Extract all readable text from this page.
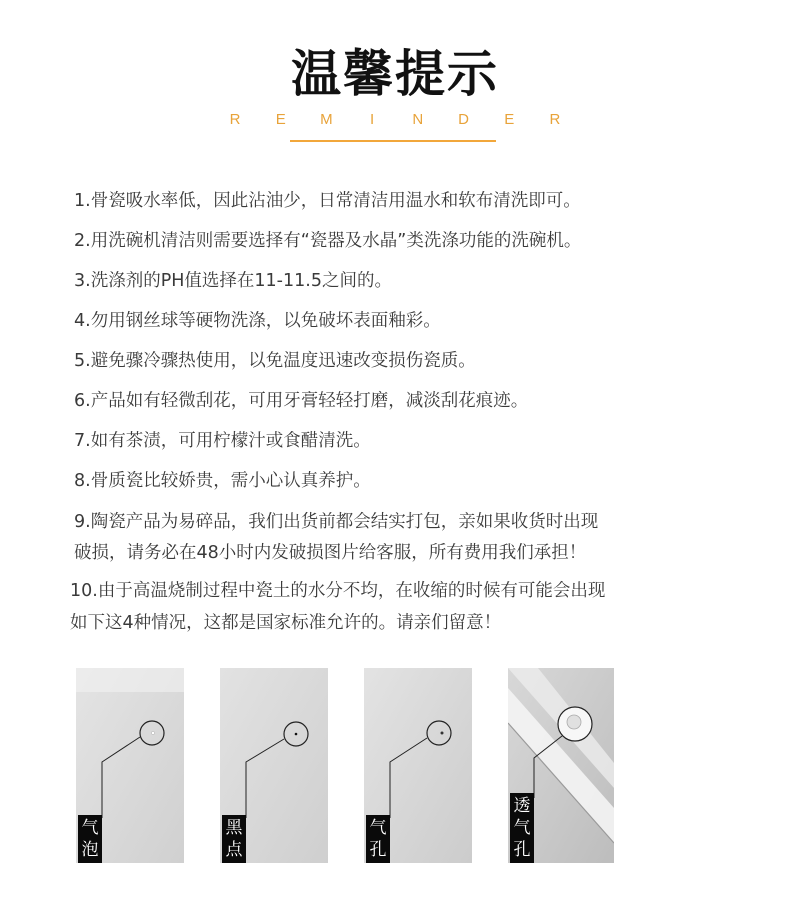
温馨提示
R E M	I	N D E R
1.骨瓷吸水率低，因此沾油少，日常清洁用温水和软布清洗即可。
2.用洗碗机清洁则需要选择有“瓷器及水晶”类洗涤功能的洗碗机。
3.洗涤剂的PH值选择在11-11.5之间的。
4.勿用钢丝球等硬物洗涤，以免破坏表面釉彩。
5.避免骤冷骤热使用，以免温度迅速改变损伤瓷质。
6.产品如有轻微刮花，可用牙膏轻轻打磨，减淡刮花痕迹。
7.如有茶渍，可用柠檬汁或食醋清洗。
8.骨质瓷比较娇贵，需小心认真养护。
9.陶瓷产品为易碎品，我们出货前都会结实打包，亲如果收货时出现
破损，请务必在48小时内发破损图片给客服，所有费用我们承担！
10.由于高温烧制过程中瓷土的水分不均，在收缩的时候有可能会出现
如下这4种情况，这都是国家标准允许的。请亲们留意！
气
泡
黑
点
气
孔
透
气
孔
